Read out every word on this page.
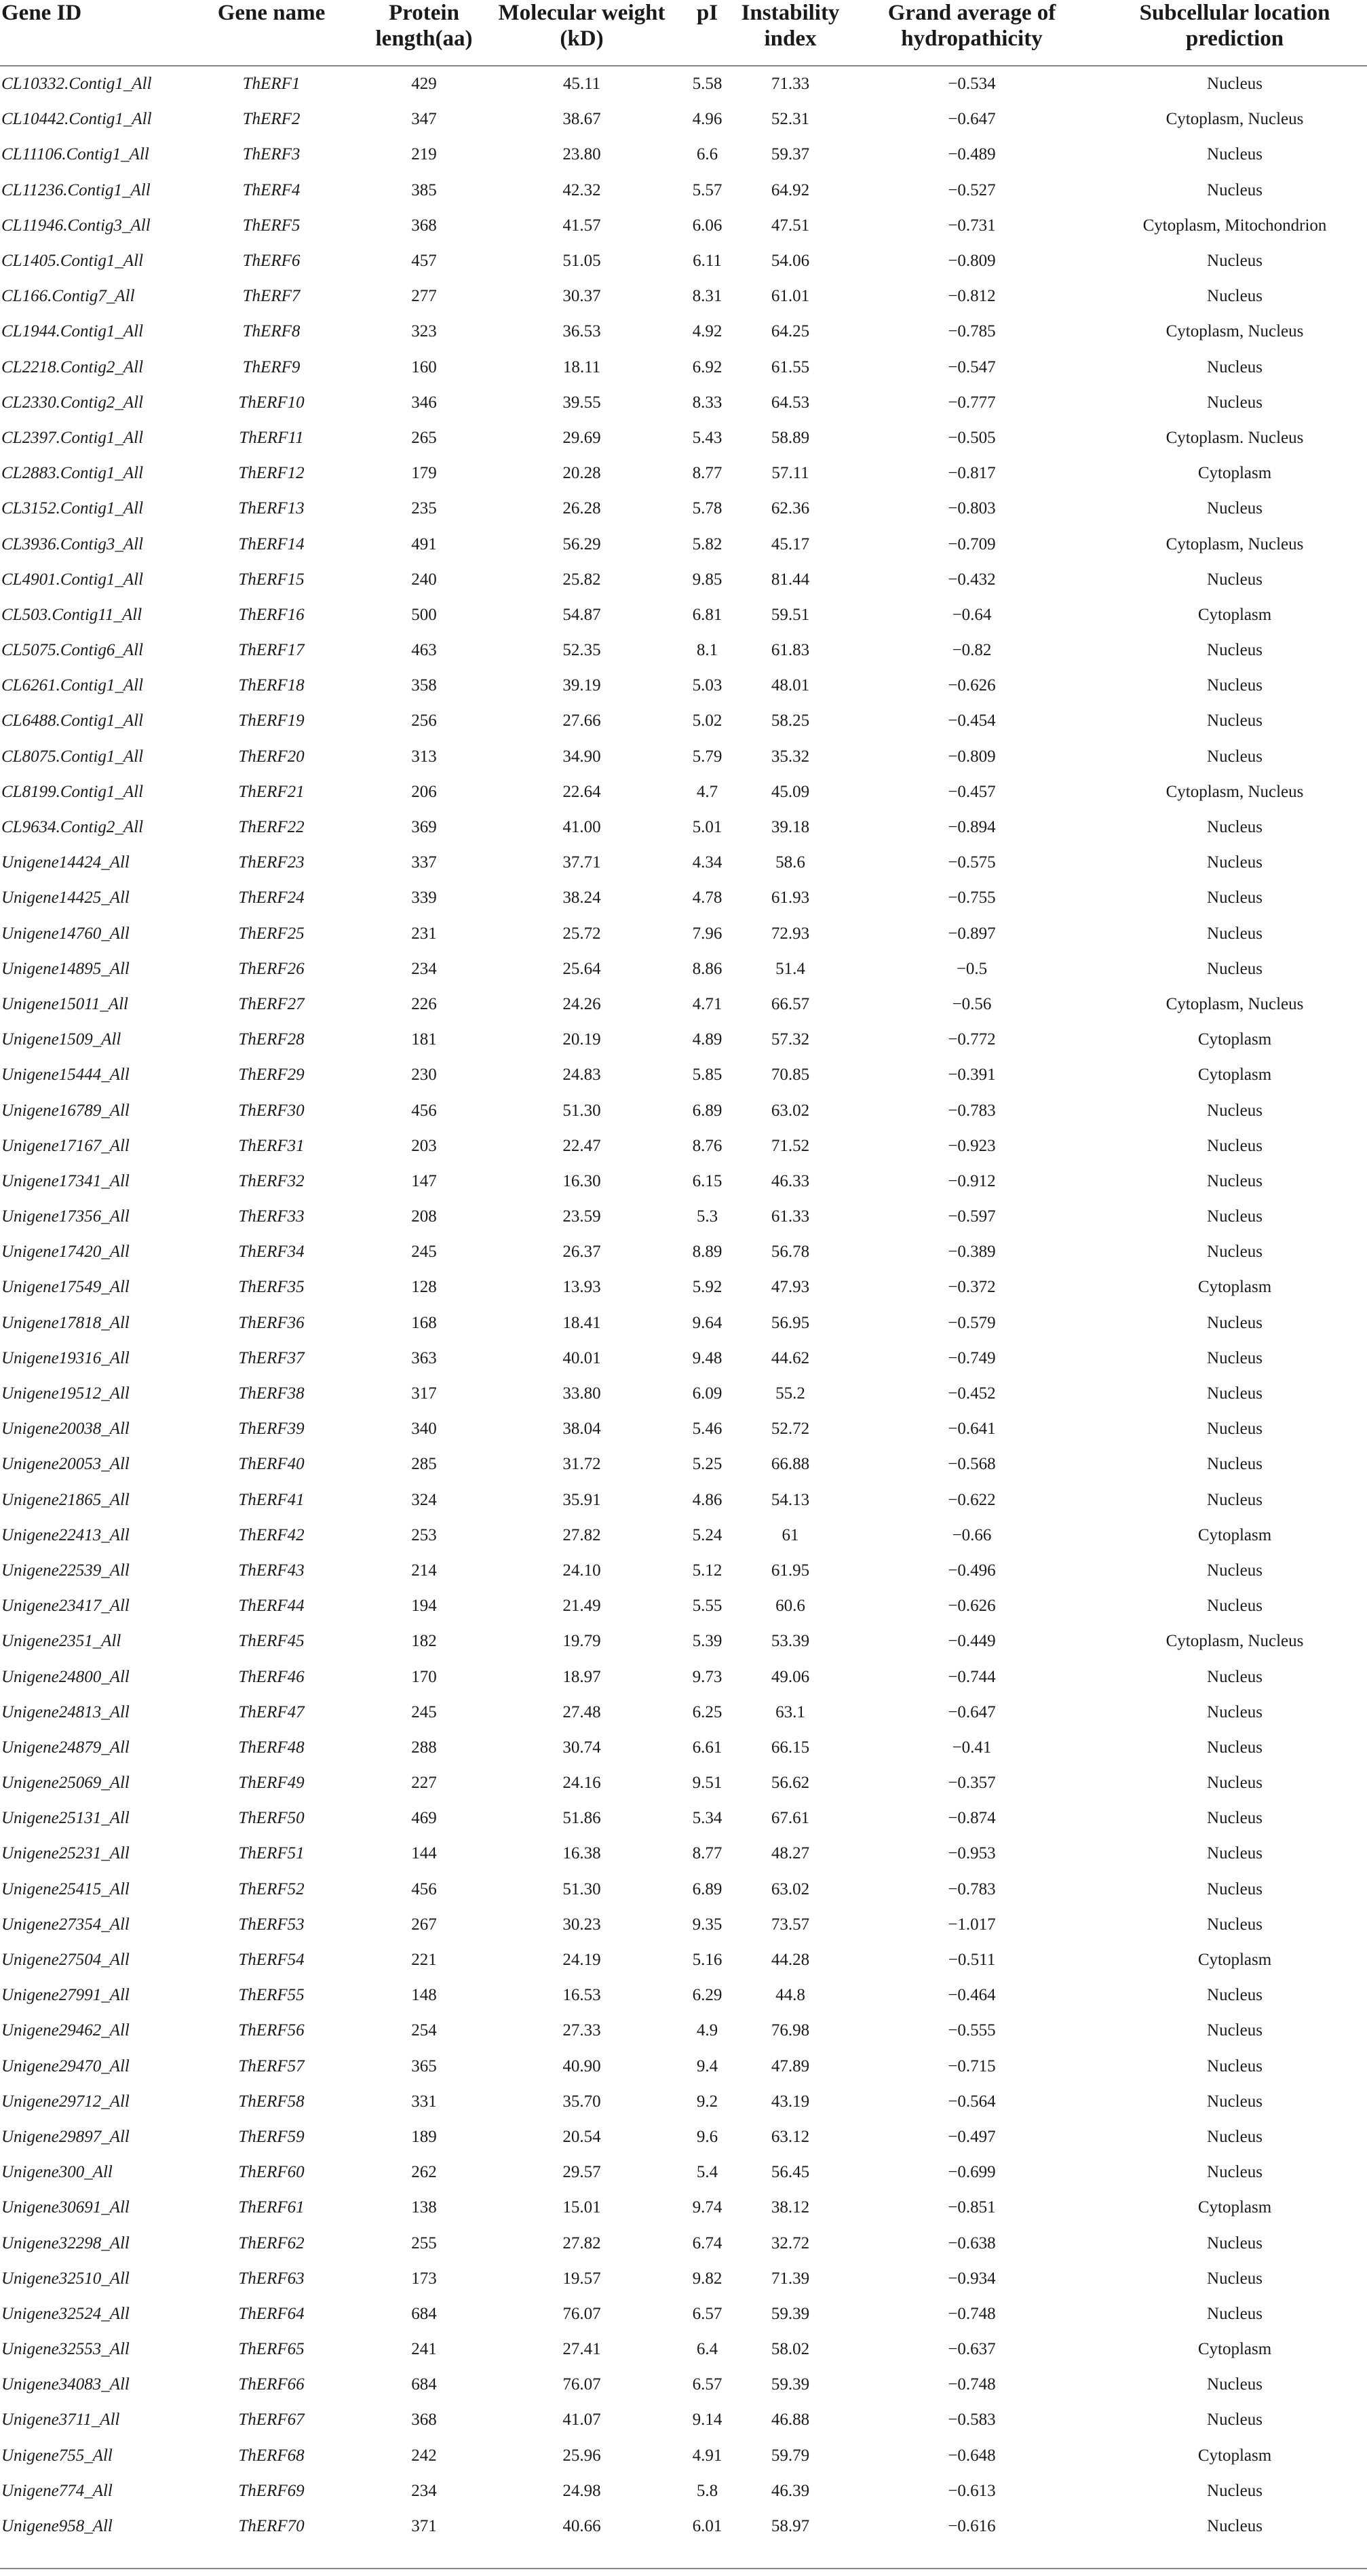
Gene ID	Gene name	Protein length(aa)	Molecular weight (kD)	pI	Instability index	Grand average of hydropathicity	Subcellular location prediction
CL10332.Contig1_All	ThERF1	429	45.11	5.58	71.33	−0.534	Nucleus
CL10442.Contig1_All	ThERF2	347	38.67	4.96	52.31	−0.647	Cytoplasm, Nucleus
CL11106.Contig1_All	ThERF3	219	23.80	6.6	59.37	−0.489	Nucleus
CL11236.Contig1_All	ThERF4	385	42.32	5.57	64.92	−0.527	Nucleus
CL11946.Contig3_All	ThERF5	368	41.57	6.06	47.51	−0.731	Cytoplasm, Mitochondrion
CL1405.Contig1_All	ThERF6	457	51.05	6.11	54.06	−0.809	Nucleus
CL166.Contig7_All	ThERF7	277	30.37	8.31	61.01	−0.812	Nucleus
CL1944.Contig1_All	ThERF8	323	36.53	4.92	64.25	−0.785	Cytoplasm, Nucleus
CL2218.Contig2_All	ThERF9	160	18.11	6.92	61.55	−0.547	Nucleus
CL2330.Contig2_All	ThERF10	346	39.55	8.33	64.53	−0.777	Nucleus
CL2397.Contig1_All	ThERF11	265	29.69	5.43	58.89	−0.505	Cytoplasm. Nucleus
CL2883.Contig1_All	ThERF12	179	20.28	8.77	57.11	−0.817	Cytoplasm
CL3152.Contig1_All	ThERF13	235	26.28	5.78	62.36	−0.803	Nucleus
CL3936.Contig3_All	ThERF14	491	56.29	5.82	45.17	−0.709	Cytoplasm, Nucleus
CL4901.Contig1_All	ThERF15	240	25.82	9.85	81.44	−0.432	Nucleus
CL503.Contig11_All	ThERF16	500	54.87	6.81	59.51	−0.64	Cytoplasm
CL5075.Contig6_All	ThERF17	463	52.35	8.1	61.83	−0.82	Nucleus
CL6261.Contig1_All	ThERF18	358	39.19	5.03	48.01	−0.626	Nucleus
CL6488.Contig1_All	ThERF19	256	27.66	5.02	58.25	−0.454	Nucleus
CL8075.Contig1_All	ThERF20	313	34.90	5.79	35.32	−0.809	Nucleus
CL8199.Contig1_All	ThERF21	206	22.64	4.7	45.09	−0.457	Cytoplasm, Nucleus
CL9634.Contig2_All	ThERF22	369	41.00	5.01	39.18	−0.894	Nucleus
Unigene14424_All	ThERF23	337	37.71	4.34	58.6	−0.575	Nucleus
Unigene14425_All	ThERF24	339	38.24	4.78	61.93	−0.755	Nucleus
Unigene14760_All	ThERF25	231	25.72	7.96	72.93	−0.897	Nucleus
Unigene14895_All	ThERF26	234	25.64	8.86	51.4	−0.5	Nucleus
Unigene15011_All	ThERF27	226	24.26	4.71	66.57	−0.56	Cytoplasm, Nucleus
Unigene1509_All	ThERF28	181	20.19	4.89	57.32	−0.772	Cytoplasm
Unigene15444_All	ThERF29	230	24.83	5.85	70.85	−0.391	Cytoplasm
Unigene16789_All	ThERF30	456	51.30	6.89	63.02	−0.783	Nucleus
Unigene17167_All	ThERF31	203	22.47	8.76	71.52	−0.923	Nucleus
Unigene17341_All	ThERF32	147	16.30	6.15	46.33	−0.912	Nucleus
Unigene17356_All	ThERF33	208	23.59	5.3	61.33	−0.597	Nucleus
Unigene17420_All	ThERF34	245	26.37	8.89	56.78	−0.389	Nucleus
Unigene17549_All	ThERF35	128	13.93	5.92	47.93	−0.372	Cytoplasm
Unigene17818_All	ThERF36	168	18.41	9.64	56.95	−0.579	Nucleus
Unigene19316_All	ThERF37	363	40.01	9.48	44.62	−0.749	Nucleus
Unigene19512_All	ThERF38	317	33.80	6.09	55.2	−0.452	Nucleus
Unigene20038_All	ThERF39	340	38.04	5.46	52.72	−0.641	Nucleus
Unigene20053_All	ThERF40	285	31.72	5.25	66.88	−0.568	Nucleus
Unigene21865_All	ThERF41	324	35.91	4.86	54.13	−0.622	Nucleus
Unigene22413_All	ThERF42	253	27.82	5.24	61	−0.66	Cytoplasm
Unigene22539_All	ThERF43	214	24.10	5.12	61.95	−0.496	Nucleus
Unigene23417_All	ThERF44	194	21.49	5.55	60.6	−0.626	Nucleus
Unigene2351_All	ThERF45	182	19.79	5.39	53.39	−0.449	Cytoplasm, Nucleus
Unigene24800_All	ThERF46	170	18.97	9.73	49.06	−0.744	Nucleus
Unigene24813_All	ThERF47	245	27.48	6.25	63.1	−0.647	Nucleus
Unigene24879_All	ThERF48	288	30.74	6.61	66.15	−0.41	Nucleus
Unigene25069_All	ThERF49	227	24.16	9.51	56.62	−0.357	Nucleus
Unigene25131_All	ThERF50	469	51.86	5.34	67.61	−0.874	Nucleus
Unigene25231_All	ThERF51	144	16.38	8.77	48.27	−0.953	Nucleus
Unigene25415_All	ThERF52	456	51.30	6.89	63.02	−0.783	Nucleus
Unigene27354_All	ThERF53	267	30.23	9.35	73.57	−1.017	Nucleus
Unigene27504_All	ThERF54	221	24.19	5.16	44.28	−0.511	Cytoplasm
Unigene27991_All	ThERF55	148	16.53	6.29	44.8	−0.464	Nucleus
Unigene29462_All	ThERF56	254	27.33	4.9	76.98	−0.555	Nucleus
Unigene29470_All	ThERF57	365	40.90	9.4	47.89	−0.715	Nucleus
Unigene29712_All	ThERF58	331	35.70	9.2	43.19	−0.564	Nucleus
Unigene29897_All	ThERF59	189	20.54	9.6	63.12	−0.497	Nucleus
Unigene300_All	ThERF60	262	29.57	5.4	56.45	−0.699	Nucleus
Unigene30691_All	ThERF61	138	15.01	9.74	38.12	−0.851	Cytoplasm
Unigene32298_All	ThERF62	255	27.82	6.74	32.72	−0.638	Nucleus
Unigene32510_All	ThERF63	173	19.57	9.82	71.39	−0.934	Nucleus
Unigene32524_All	ThERF64	684	76.07	6.57	59.39	−0.748	Nucleus
Unigene32553_All	ThERF65	241	27.41	6.4	58.02	−0.637	Cytoplasm
Unigene34083_All	ThERF66	684	76.07	6.57	59.39	−0.748	Nucleus
Unigene3711_All	ThERF67	368	41.07	9.14	46.88	−0.583	Nucleus
Unigene755_All	ThERF68	242	25.96	4.91	59.79	−0.648	Cytoplasm
Unigene774_All	ThERF69	234	24.98	5.8	46.39	−0.613	Nucleus
Unigene958_All	ThERF70	371	40.66	6.01	58.97	−0.616	Nucleus
